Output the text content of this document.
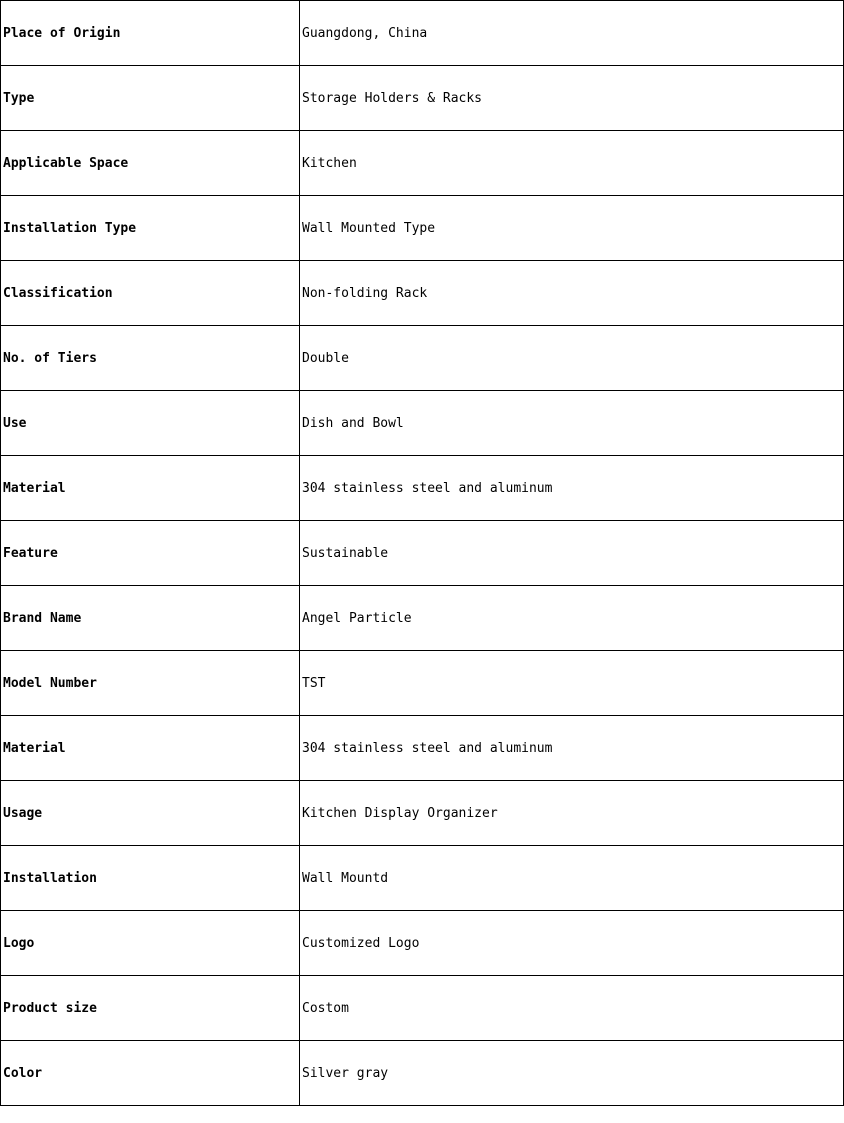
Place of Origin	Guangdong, China
Type	Storage Holders & Racks
Applicable Space	Kitchen
Installation Type	Wall Mounted Type
Classification	Non-folding Rack
No. of Tiers	Double
Use	Dish and Bowl
Material	304 stainless steel and aluminum
Feature	Sustainable
Brand Name	Angel Particle
Model Number	TST
Material	304 stainless steel and aluminum
Usage	Kitchen Display Organizer
Installation	Wall Mountd
Logo	Customized Logo
Product size	Costom
Color	Silver gray
